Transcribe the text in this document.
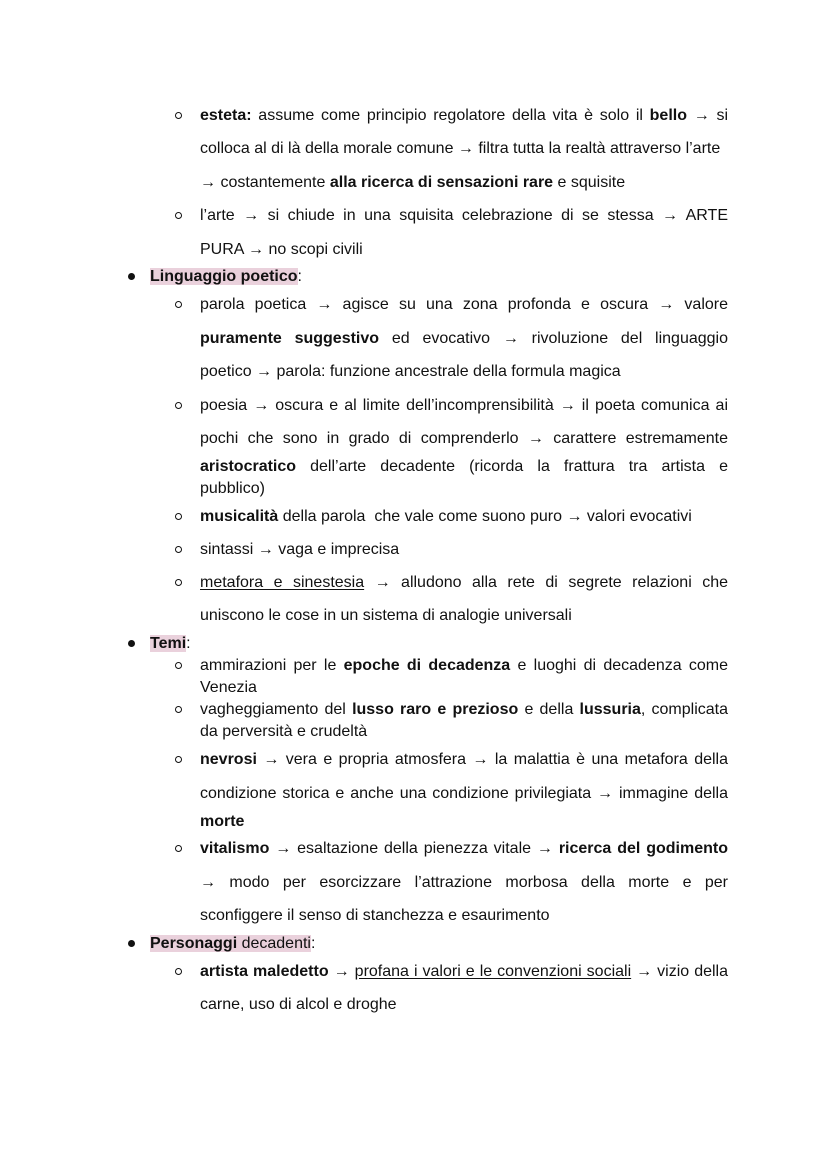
esteta: assume come principio regolatore della vita è solo il bello → si
colloca al di là della morale comune → filtra tutta la realtà attraverso l’arte
→ costantemente alla ricerca di sensazioni rare e squisite
l’arte → si chiude in una squisita celebrazione di se stessa → ARTE
PURA → no scopi civili
Linguaggio poetico:
parola poetica → agisce su una zona profonda e oscura → valore
puramente suggestivo ed evocativo → rivoluzione del linguaggio
poetico → parola: funzione ancestrale della formula magica
poesia → oscura e al limite dell’incomprensibilità → il poeta comunica ai
pochi che sono in grado di comprenderlo → carattere estremamente
aristocratico dell’arte decadente (ricorda la frattura tra artista e
pubblico)
musicalità della parola  che vale come suono puro → valori evocativi
sintassi → vaga e imprecisa
metafora e sinestesia → alludono alla rete di segrete relazioni che
uniscono le cose in un sistema di analogie universali
Temi:
ammirazioni per le epoche di decadenza e luoghi di decadenza come
Venezia
vagheggiamento del lusso raro e prezioso e della lussuria, complicata
da perversità e crudeltà
nevrosi → vera e propria atmosfera → la malattia è una metafora della
condizione storica e anche una condizione privilegiata → immagine della
morte
vitalismo → esaltazione della pienezza vitale → ricerca del godimento
→ modo per esorcizzare l’attrazione morbosa della morte e per
sconfiggere il senso di stanchezza e esaurimento
Personaggi decadenti:
artista maledetto → profana i valori e le convenzioni sociali → vizio della
carne, uso di alcol e droghe
